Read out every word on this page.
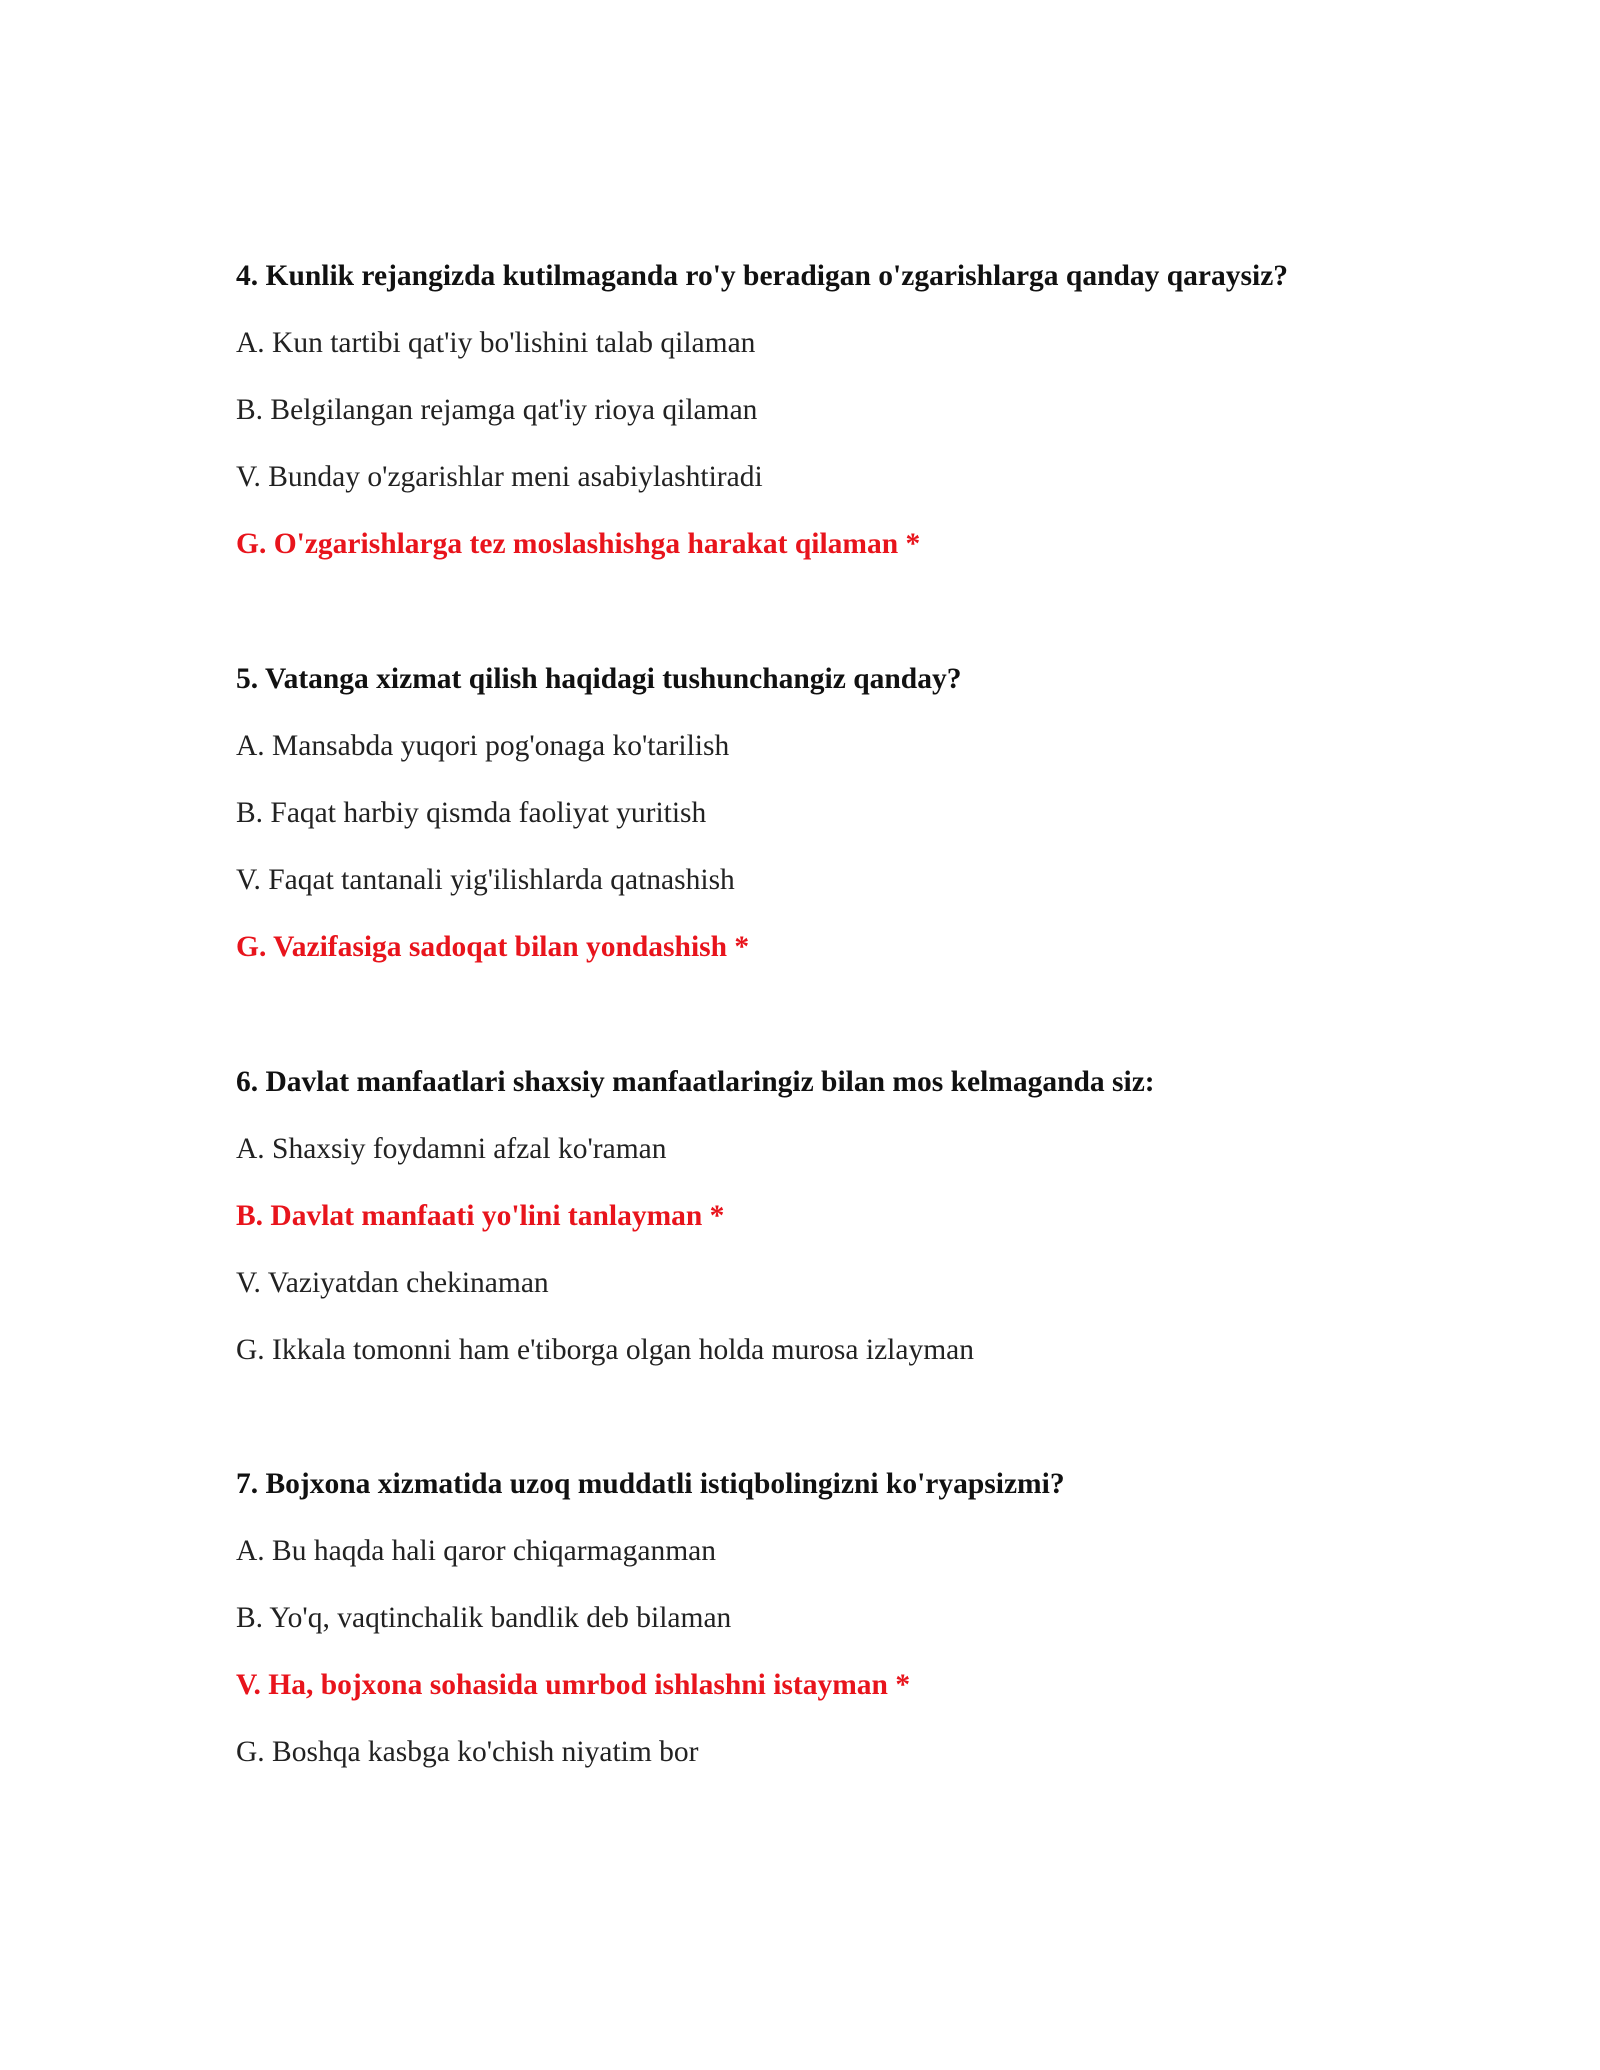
4. Kunlik rejangizda kutilmaganda ro'y beradigan o'zgarishlarga qanday qaraysiz?
A. Kun tartibi qat'iy bo'lishini talab qilaman
B. Belgilangan rejamga qat'iy rioya qilaman
V. Bunday o'zgarishlar meni asabiylashtiradi
G. O'zgarishlarga tez moslashishga harakat qilaman *
5. Vatanga xizmat qilish haqidagi tushunchangiz qanday?
A. Mansabda yuqori pog'onaga ko'tarilish
B. Faqat harbiy qismda faoliyat yuritish
V. Faqat tantanali yig'ilishlarda qatnashish
G. Vazifasiga sadoqat bilan yondashish *
6. Davlat manfaatlari shaxsiy manfaatlaringiz bilan mos kelmaganda siz:
A. Shaxsiy foydamni afzal ko'raman
B. Davlat manfaati yo'lini tanlayman *
V. Vaziyatdan chekinaman
G. Ikkala tomonni ham e'tiborga olgan holda murosa izlayman
7. Bojxona xizmatida uzoq muddatli istiqbolingizni ko'ryapsizmi?
A. Bu haqda hali qaror chiqarmaganman
B. Yo'q, vaqtinchalik bandlik deb bilaman
V. Ha, bojxona sohasida umrbod ishlashni istayman *
G. Boshqa kasbga ko'chish niyatim bor
